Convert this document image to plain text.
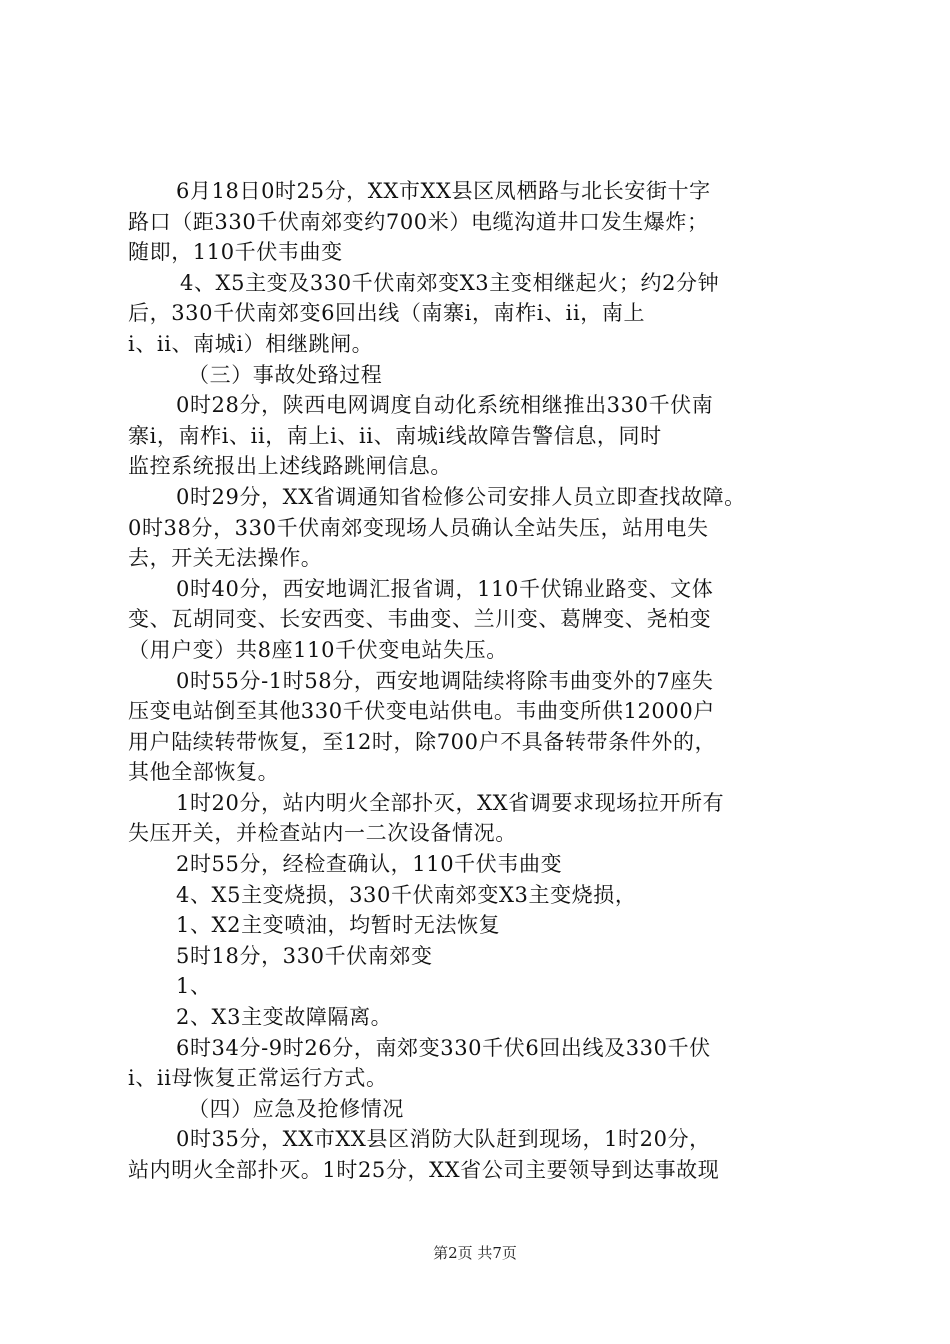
6月18日0时25分，XX市XX县区凤栖路与北长安街十字
路口（距330千伏南郊变约700米）电缆沟道井口发生爆炸；
随即，110千伏韦曲变
4、X5主变及330千伏南郊变X3主变相继起火；约2分钟
后，330千伏南郊变6回出线（南寨i，南柞i、ii，南上
i、ii、南城i）相继跳闸。
（三）事故处臵过程
0时28分，陕西电网调度自动化系统相继推出330千伏南
寨i，南柞i、ii，南上i、ii、南城i线故障告警信息，同时
监控系统报出上述线路跳闸信息。
0时29分，XX省调通知省检修公司安排人员立即查找故障。
0时38分，330千伏南郊变现场人员确认全站失压，站用电失
去，开关无法操作。
0时40分，西安地调汇报省调，110千伏锦业路变、文体
变、瓦胡同变、长安西变、韦曲变、兰川变、葛牌变、尧柏变
（用户变）共8座110千伏变电站失压。
0时55分-1时58分，西安地调陆续将除韦曲变外的7座失
压变电站倒至其他330千伏变电站供电。韦曲变所供12000户
用户陆续转带恢复，至12时，除700户不具备转带条件外的，
其他全部恢复。
1时20分，站内明火全部扑灭，XX省调要求现场拉开所有
失压开关，并检查站内一二次设备情况。
2时55分，经检查确认，110千伏韦曲变
4、X5主变烧损，330千伏南郊变X3主变烧损，
1、X2主变喷油，均暂时无法恢复
5时18分，330千伏南郊变
1、
2、X3主变故障隔离。
6时34分-9时26分，南郊变330千伏6回出线及330千伏
i、ii母恢复正常运行方式。
（四）应急及抢修情况
0时35分，XX市XX县区消防大队赶到现场，1时20分，
站内明火全部扑灭。1时25分，XX省公司主要领导到达事故现
第2页 共7页
